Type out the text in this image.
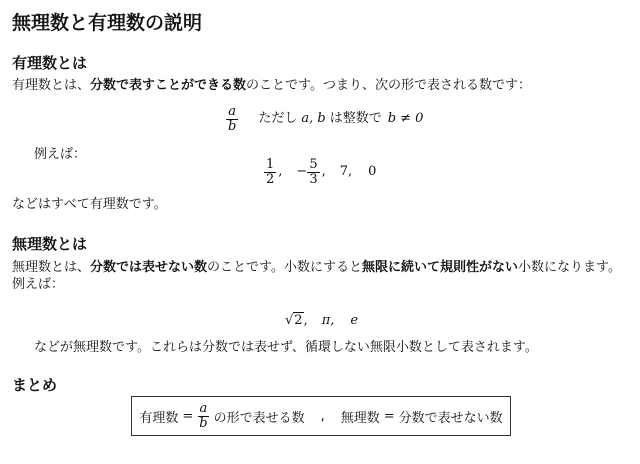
無理数と有理数の説明
有理数とは
有理数とは、分数で表すことができる数のことです。つまり、次の形で表される数です：
$\frac{a}{b}$ ただし a, b は整数で b ≠ 0
例えば：
$\frac{1}{2}$ , − $\frac{5}{3}$ , 7, 0
などはすべて有理数です。
無理数とは
無理数とは、分数では表せない数のことです。小数にすると無限に続いて規則性がない小数になります。
例えば：
√2 , π, e
などが無理数です。これらは分数では表せず、循環しない無限小数として表されます。
まとめ
有理数 = $\frac{a}{b}$ の形で表せる数 , 無理数 = 分数で表せない数
